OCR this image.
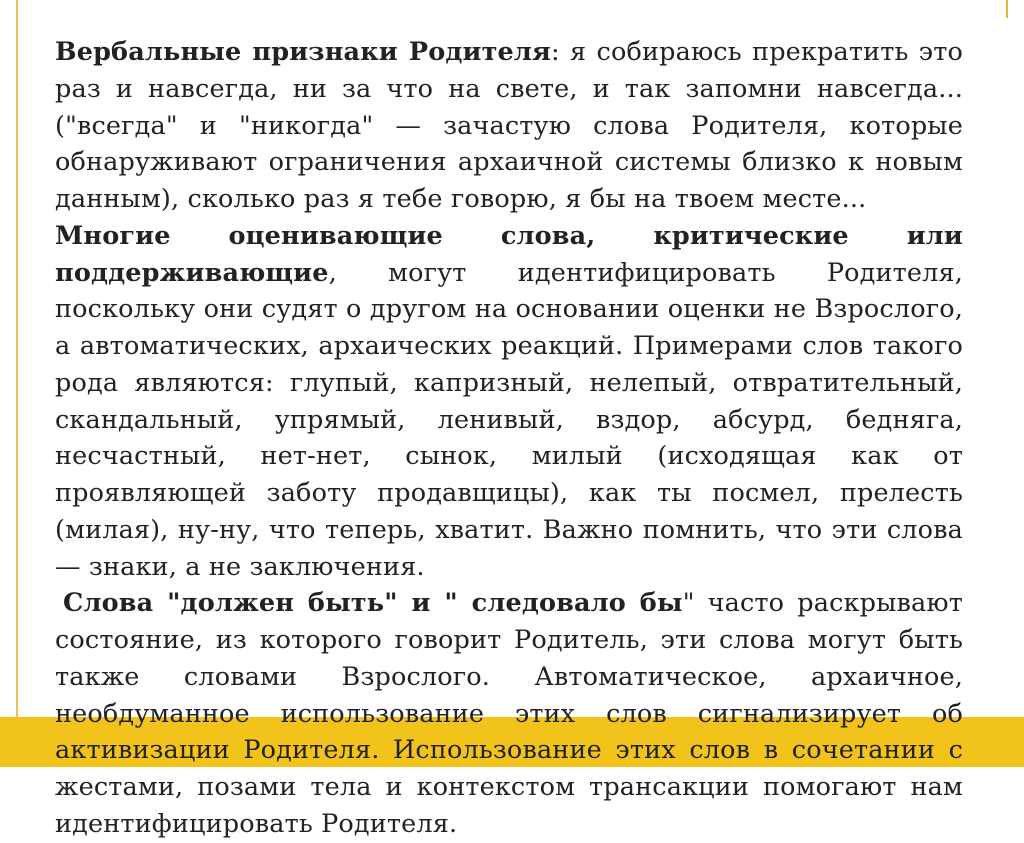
Вербальные признаки Родителя: я собираюсь прекратить это раз и навсегда, ни за что на свете, и так запомни навсегда... ("всегда" и "никогда" — зачастую слова Родителя, которые обнаруживают ограничения архаичной системы близко к новым данным), сколько раз я тебе говорю, я бы на твоем месте...

Многие оценивающие слова, критические или поддерживающие, могут идентифицировать Родителя, поскольку они судят о другом на основании оценки не Взрослого, а автоматических, архаических реакций. Примерами слов такого рода являются: глупый, капризный, нелепый, отвратительный, скандальный, упрямый, ленивый, вздор, абсурд, бедняга, несчастный, нет-нет, сынок, милый (исходящая как от проявляющей заботу продавщицы), как ты посмел, прелесть (милая), ну-ну, что теперь, хватит. Важно помнить, что эти слова — знаки, а не заключения.

Слова "должен быть" и " следовало бы" часто раскрывают состояние, из которого говорит Родитель, эти слова могут быть также словами Взрослого. Автоматическое, архаичное, необдуманное использование этих слов сигнализирует об активизации Родителя. Использование этих слов в сочетании с жестами, позами тела и контекстом трансакции помогают нам идентифицировать Родителя.
